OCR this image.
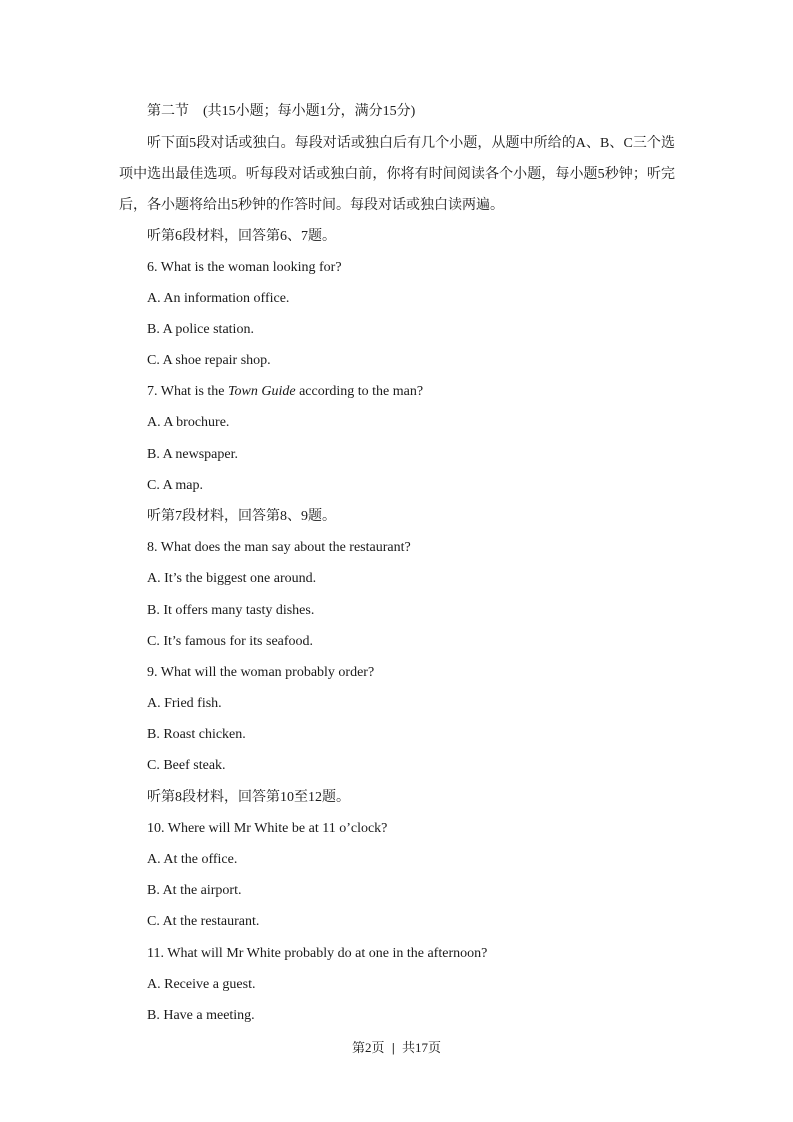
第二节　(共15小题；每小题1分，满分15分)
听下面5段对话或独白。每段对话或独白后有几个小题，从题中所给的A、B、C三个选项中选出最佳选项。听每段对话或独白前，你将有时间阅读各个小题，每小题5秒钟；听完后，各小题将给出5秒钟的作答时间。每段对话或独白读两遍。
听第6段材料，回答第6、7题。
6. What is the woman looking for?
A. An information office.
B. A police station.
C. A shoe repair shop.
7. What is the Town Guide according to the man?
A. A brochure.
B. A newspaper.
C. A map.
听第7段材料，回答第8、9题。
8. What does the man say about the restaurant?
A. It’s the biggest one around.
B. It offers many tasty dishes.
C. It’s famous for its seafood.
9. What will the woman probably order?
A. Fried fish.
B. Roast chicken.
C. Beef steak.
听第8段材料，回答第10至12题。
10. Where will Mr White be at 11 o’clock?
A. At the office.
B. At the airport.
C. At the restaurant.
11. What will Mr White probably do at one in the afternoon?
A. Receive a guest.
B. Have a meeting.
第2页 | 共17页
